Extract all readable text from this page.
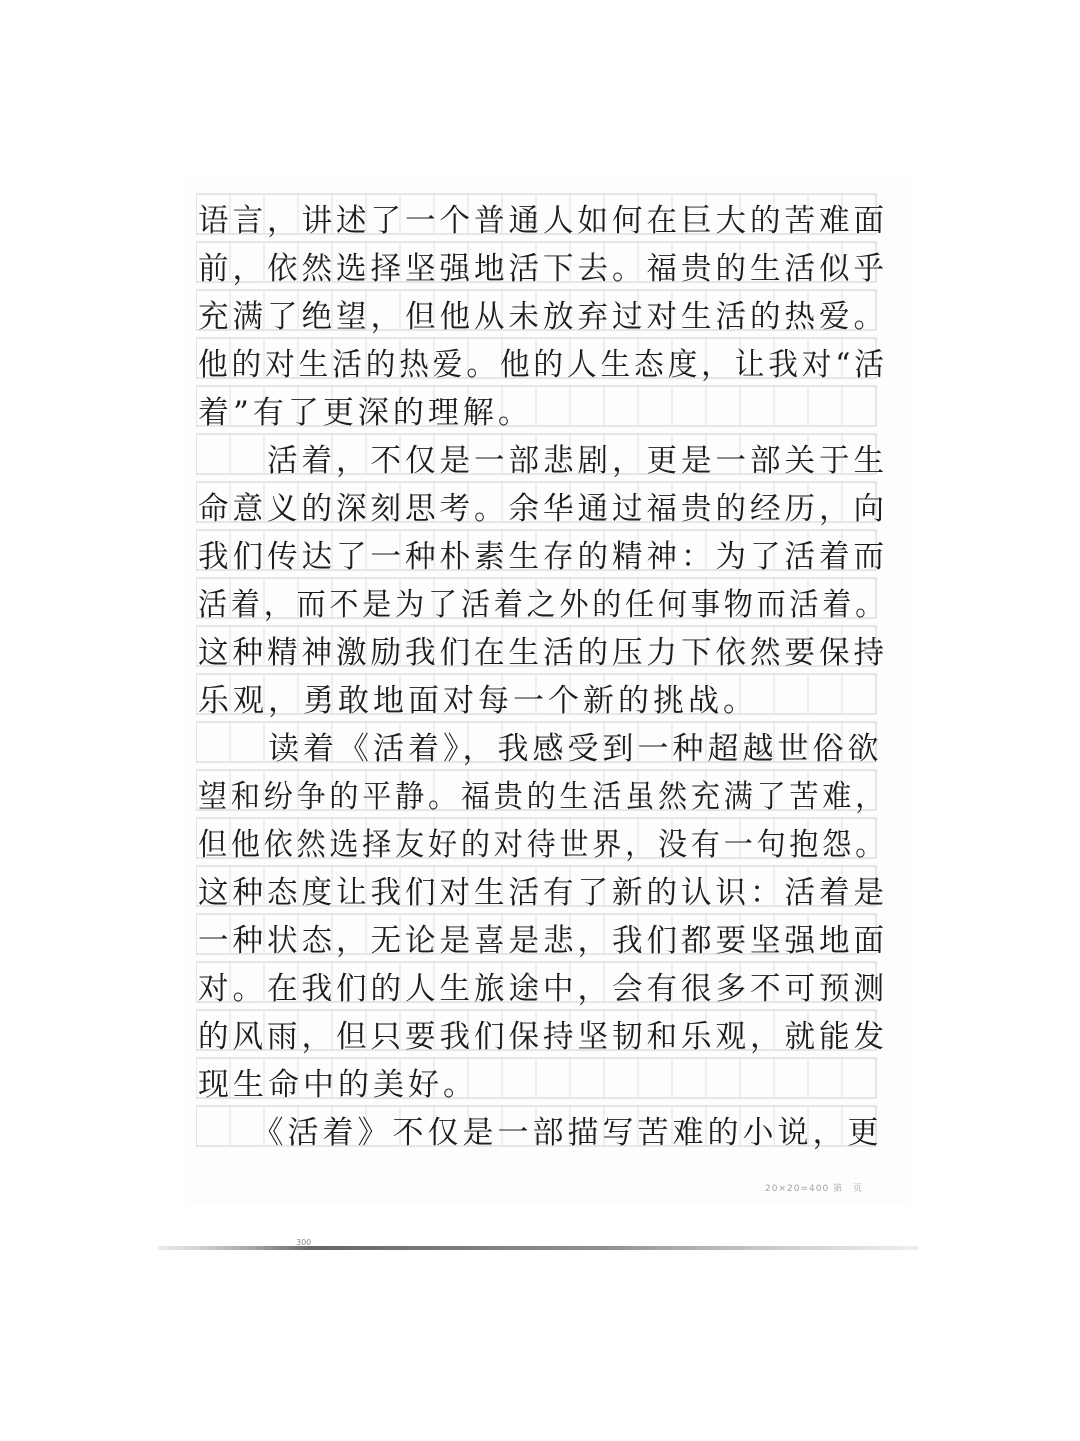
语言，讲述了一个普通人如何在巨大的苦难面
前，依然选择坚强地活下去。福贵的生活似乎
充满了绝望，但他从未放弃过对生活的热爱。
他的对生活的热爱。他的人生态度，让我对“活
着”有了更深的理解。
　　活着，不仅是一部悲剧，更是一部关于生
命意义的深刻思考。余华通过福贵的经历，向
我们传达了一种朴素生存的精神：为了活着而
活着，而不是为了活着之外的任何事物而活着。
这种精神激励我们在生活的压力下依然要保持
乐观，勇敢地面对每一个新的挑战。
　　读着《活着》，我感受到一种超越世俗欲
望和纷争的平静。福贵的生活虽然充满了苦难，
但他依然选择友好的对待世界，没有一句抱怨。
这种态度让我们对生活有了新的认识：活着是
一种状态，无论是喜是悲，我们都要坚强地面
对。在我们的人生旅途中，会有很多不可预测
的风雨，但只要我们保持坚韧和乐观，就能发
现生命中的美好。
　　《活着》不仅是一部描写苦难的小说，更
20×20=400 第　页
300
